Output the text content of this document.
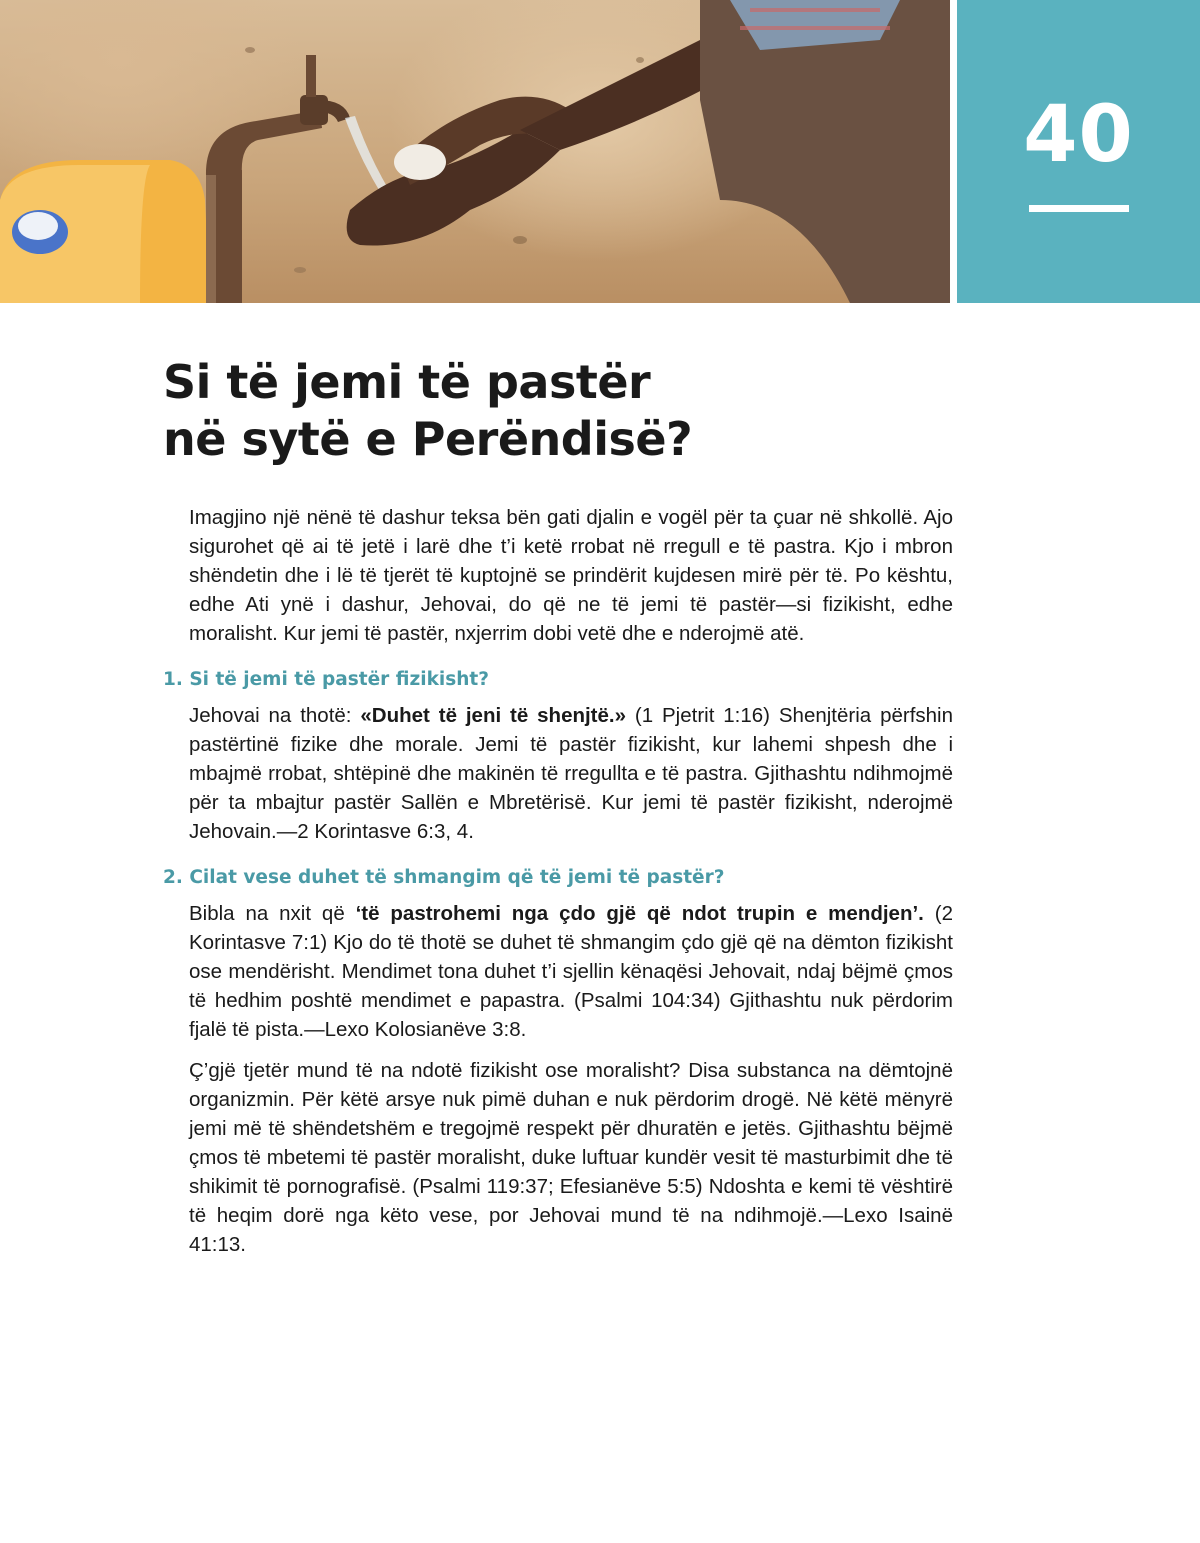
40
Si të jemi të pastër
në sytë e Perëndisë?

Imagjino një nënë të dashur teksa bën gati djalin e vogël për ta çuar në shkollë. Ajo sigurohet që ai të jetë i larë dhe t’i ketë rrobat në rregull e të pastra. Kjo i mbron shëndetin dhe i lë të tjerët të kuptojnë se prindërit kujdesen mirë për të. Po kështu, edhe Ati ynë i dashur, Jehovai, do që ne të jemi të pastër—si fizikisht, edhe moralisht. Kur jemi të pastër, nxjerrim dobi vetë dhe e nderojmë atë.

1. Si të jemi të pastër fizikisht?

Jehovai na thotë: «Duhet të jeni të shenjtë.» (1 Pjetrit 1:16) Shenjtëria përfshin pastërtinë fizike dhe morale. Jemi të pastër fizikisht, kur lahemi shpesh dhe i mbajmë rrobat, shtëpinë dhe makinën të rregullta e të pastra. Gjithashtu ndihmojmë për ta mbajtur pastër Sallën e Mbretërisë. Kur jemi të pastër fizikisht, nderojmë Jehovain.—2 Korintasve 6:3, 4.

2. Cilat vese duhet të shmangim që të jemi të pastër?

Bibla na nxit që ‘të pastrohemi nga çdo gjë që ndot trupin e mendjen’. (2 Korintasve 7:1) Kjo do të thotë se duhet të shmangim çdo gjë që na dëmton fizikisht ose mendërisht. Mendimet tona duhet t’i sjellin kënaqësi Jehovait, ndaj bëjmë çmos të hedhim poshtë mendimet e papastra. (Psalmi 104:34) Gjithashtu nuk përdorim fjalë të pista.—Lexo Kolosianëve 3:8.

Ç’gjë tjetër mund të na ndotë fizikisht ose moralisht? Disa substanca na dëmtojnë organizmin. Për këtë arsye nuk pimë duhan e nuk përdorim drogë. Në këtë mënyrë jemi më të shëndetshëm e tregojmë respekt për dhuratën e jetës. Gjithashtu bëjmë çmos të mbetemi të pastër moralisht, duke luftuar kundër vesit të masturbimit dhe të shikimit të pornografisë. (Psalmi 119:37; Efesianëve 5:5) Ndoshta e kemi të vështirë të heqim dorë nga këto vese, por Jehovai mund të na ndihmojë.—Lexo Isainë 41:13.
